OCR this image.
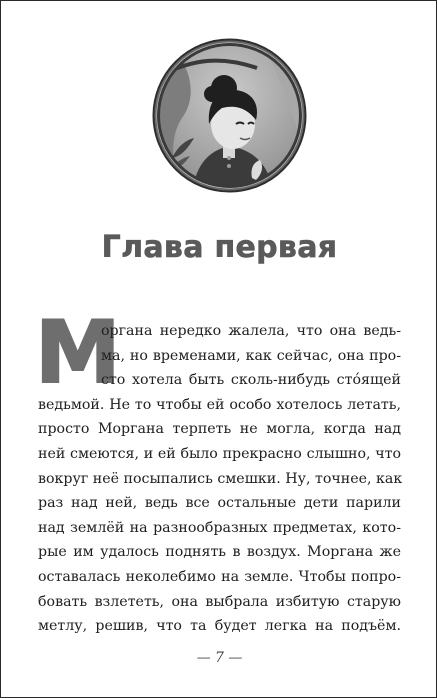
Глава первая
М
органа нередко жалела, что она ведь-
ма, но временами, как сейчас, она про-
сто хотела быть сколь-нибудь стóящей
ведьмой. Не то чтобы ей особо хотелось летать,
просто Моргана терпеть не могла, когда над
ней смеются, и ей было прекрасно слышно, что
вокруг неё посыпались смешки. Ну, точнее, как
раз над ней, ведь все остальные дети парили
над землёй на разнообразных предметах, кото-
рые им удалось поднять в воздух. Моргана же
оставалась неколебимо на земле. Чтобы попро-
бовать взлететь, она выбрала избитую старую
метлу, решив, что та будет легка на подъём.
— 7 —
